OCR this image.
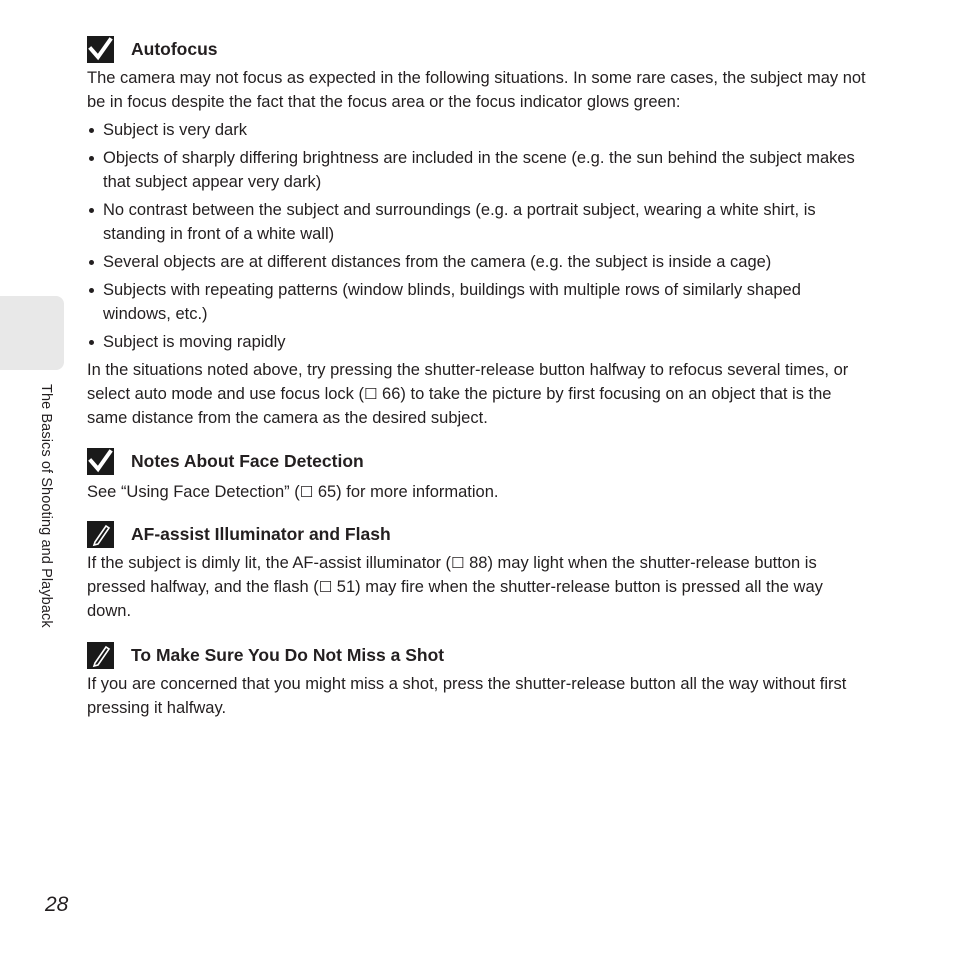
The Basics of Shooting and Playback
Autofocus

The camera may not focus as expected in the following situations. In some rare cases, the subject may not be in focus despite the fact that the focus area or the focus indicator glows green:

Subject is very dark
Objects of sharply differing brightness are included in the scene (e.g. the sun behind the subject makes that subject appear very dark)
No contrast between the subject and surroundings (e.g. a portrait subject, wearing a white shirt, is standing in front of a white wall)
Several objects are at different distances from the camera (e.g. the subject is inside a cage)
Subjects with repeating patterns (window blinds, buildings with multiple rows of similarly shaped windows, etc.)
Subject is moving rapidly

In the situations noted above, try pressing the shutter-release button halfway to refocus several times, or select auto mode and use focus lock (☐ 66) to take the picture by first focusing on an object that is the same distance from the camera as the desired subject.

Notes About Face Detection

See “Using Face Detection” (☐ 65) for more information.

AF-assist Illuminator and Flash

If the subject is dimly lit, the AF-assist illuminator (☐ 88) may light when the shutter-release button is pressed halfway, and the flash (☐ 51) may fire when the shutter-release button is pressed all the way down.

To Make Sure You Do Not Miss a Shot

If you are concerned that you might miss a shot, press the shutter-release button all the way without first pressing it halfway.

28
